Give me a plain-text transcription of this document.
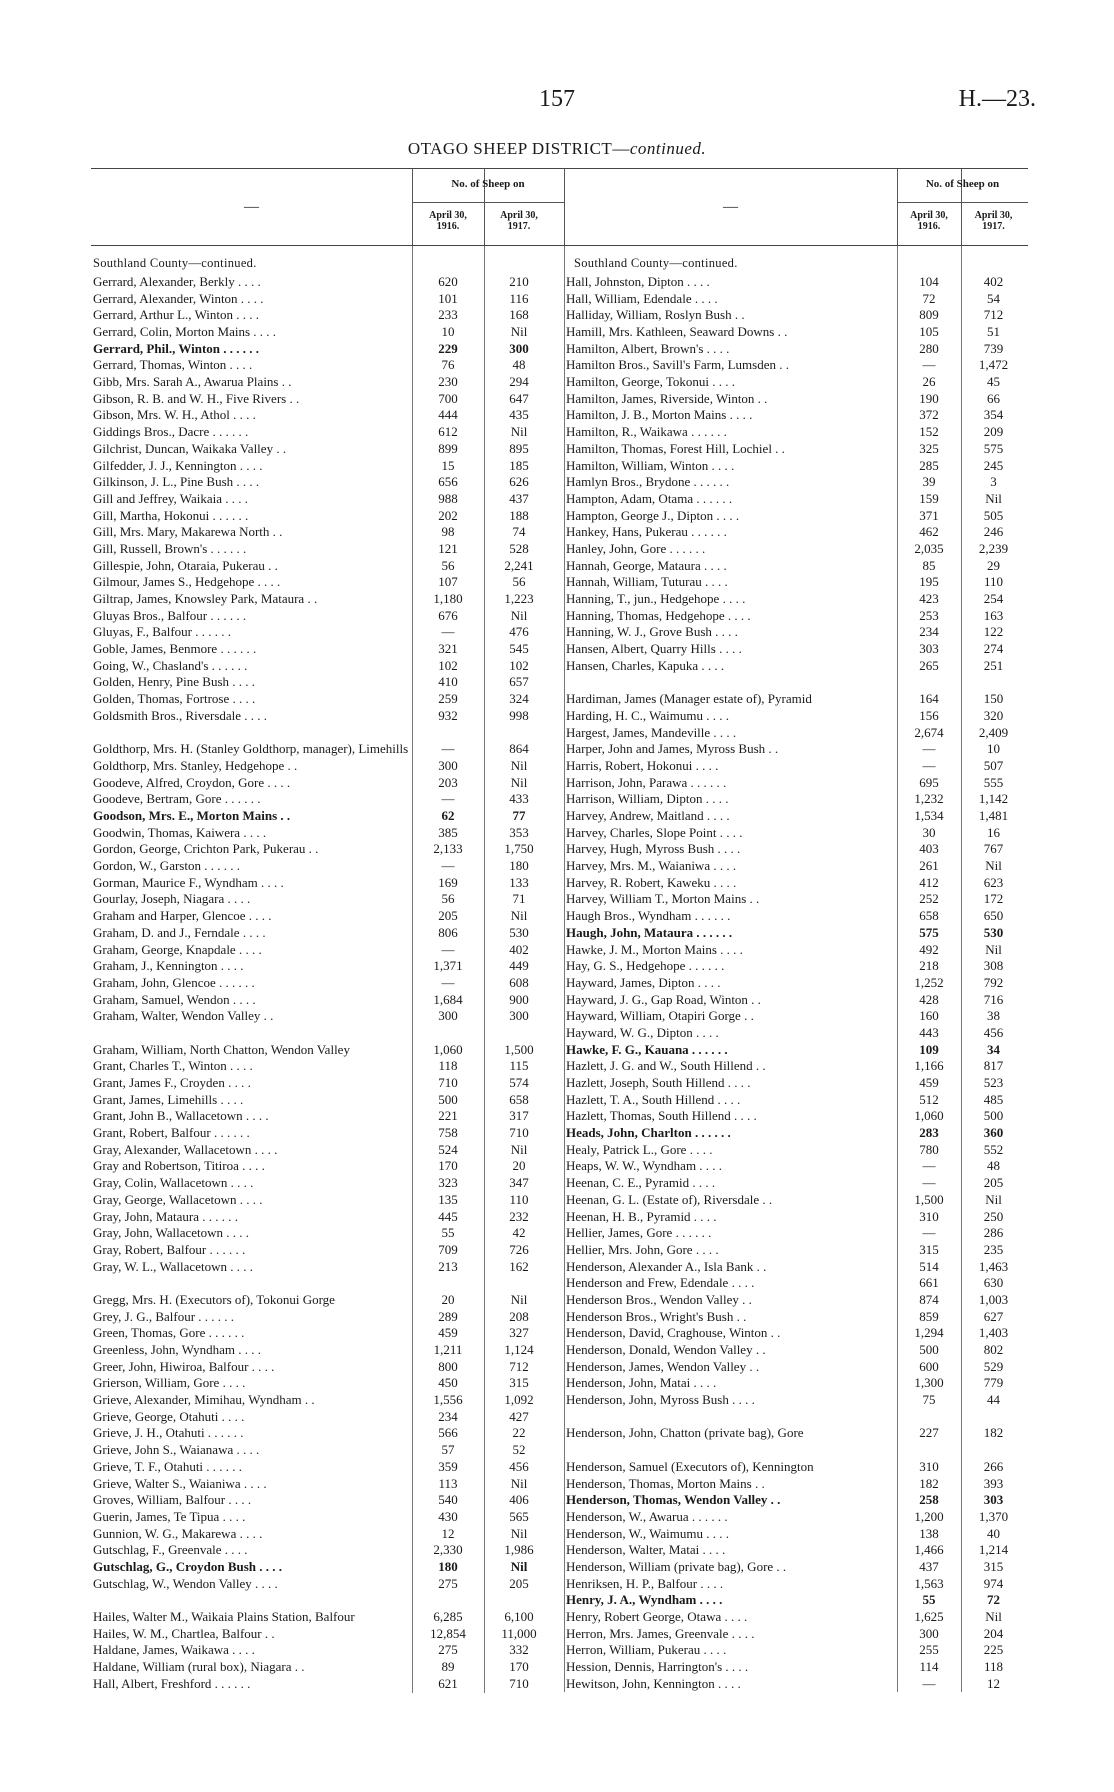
157	H.—23.
OTAGO SHEEP DISTRICT—continued.
—
No. of Sheep on
April 30,
1916.
April 30,
1917.
Southland County—continued.
Gerrard, Alexander, Berkly . . . .	620	210
Gerrard, Alexander, Winton . . . .	101	116
Gerrard, Arthur L., Winton . . . .	233	168
Gerrard, Colin, Morton Mains . . . .	10	Nil
Gerrard, Phil., Winton . . . . . .	229	300
Gerrard, Thomas, Winton . . . .	76	48
Gibb, Mrs. Sarah A., Awarua Plains . .	230	294
Gibson, R. B. and W. H., Five Rivers . .	700	647
Gibson, Mrs. W. H., Athol . . . .	444	435
Giddings Bros., Dacre . . . . . .	612	Nil
Gilchrist, Duncan, Waikaka Valley . .	899	895
Gilfedder, J. J., Kennington . . . .	15	185
Gilkinson, J. L., Pine Bush . . . .	656	626
Gill and Jeffrey, Waikaia . . . .	988	437
Gill, Martha, Hokonui . . . . . .	202	188
Gill, Mrs. Mary, Makarewa North . .	98	74
Gill, Russell, Brown's . . . . . .	121	528
Gillespie, John, Otaraia, Pukerau . .	56	2,241
Gilmour, James S., Hedgehope . . . .	107	56
Giltrap, James, Knowsley Park, Mataura . .	1,180	1,223
Gluyas Bros., Balfour . . . . . .	676	Nil
Gluyas, F., Balfour . . . . . .	—	476
Goble, James, Benmore . . . . . .	321	545
Going, W., Chasland's . . . . . .	102	102
Golden, Henry, Pine Bush . . . .	410	657
Golden, Thomas, Fortrose . . . .	259	324
Goldsmith Bros., Riversdale . . . .	932	998
Goldthorp, Mrs. H. (Stanley Goldthorp, manager), Limehills	—	864
Goldthorp, Mrs. Stanley, Hedgehope . .	300	Nil
Goodeve, Alfred, Croydon, Gore . . . .	203	Nil
Goodeve, Bertram, Gore . . . . . .	—	433
Goodson, Mrs. E., Morton Mains . .	62	77
Goodwin, Thomas, Kaiwera . . . .	385	353
Gordon, George, Crichton Park, Pukerau . .	2,133	1,750
Gordon, W., Garston . . . . . .	—	180
Gorman, Maurice F., Wyndham . . . .	169	133
Gourlay, Joseph, Niagara . . . .	56	71
Graham and Harper, Glencoe . . . .	205	Nil
Graham, D. and J., Ferndale . . . .	806	530
Graham, George, Knapdale . . . .	—	402
Graham, J., Kennington . . . .	1,371	449
Graham, John, Glencoe . . . . . .	—	608
Graham, Samuel, Wendon . . . .	1,684	900
Graham, Walter, Wendon Valley . .	300	300
Graham, William, North Chatton, Wendon Valley	1,060	1,500
Grant, Charles T., Winton . . . .	118	115
Grant, James F., Croyden . . . .	710	574
Grant, James, Limehills . . . .	500	658
Grant, John B., Wallacetown . . . .	221	317
Grant, Robert, Balfour . . . . . .	758	710
Gray, Alexander, Wallacetown . . . .	524	Nil
Gray and Robertson, Titiroa . . . .	170	20
Gray, Colin, Wallacetown . . . .	323	347
Gray, George, Wallacetown . . . .	135	110
Gray, John, Mataura . . . . . .	445	232
Gray, John, Wallacetown . . . .	55	42
Gray, Robert, Balfour . . . . . .	709	726
Gray, W. L., Wallacetown . . . .	213	162
Gregg, Mrs. H. (Executors of), Tokonui Gorge	20	Nil
Grey, J. G., Balfour . . . . . .	289	208
Green, Thomas, Gore . . . . . .	459	327
Greenless, John, Wyndham . . . .	1,211	1,124
Greer, John, Hiwiroa, Balfour . . . .	800	712
Grierson, William, Gore . . . .	450	315
Grieve, Alexander, Mimihau, Wyndham . .	1,556	1,092
Grieve, George, Otahuti . . . .	234	427
Grieve, J. H., Otahuti . . . . . .	566	22
Grieve, John S., Waianawa . . . .	57	52
Grieve, T. F., Otahuti . . . . . .	359	456
Grieve, Walter S., Waianiwa . . . .	113	Nil
Groves, William, Balfour . . . .	540	406
Guerin, James, Te Tipua . . . .	430	565
Gunnion, W. G., Makarewa . . . .	12	Nil
Gutschlag, F., Greenvale . . . .	2,330	1,986
Gutschlag, G., Croydon Bush . . . .	180	Nil
Gutschlag, W., Wendon Valley . . . .	275	205
Hailes, Walter M., Waikaia Plains Station, Balfour	6,285	6,100
Hailes, W. M., Chartlea, Balfour . .	12,854	11,000
Haldane, James, Waikawa . . . .	275	332
Haldane, William (rural box), Niagara . .	89	170
Hall, Albert, Freshford . . . . . .	621	710
—
No. of Sheep on
April 30,
1916.
April 30,
1917.
Southland County—continued.
Hall, Johnston, Dipton . . . .	104	402
Hall, William, Edendale . . . .	72	54
Halliday, William, Roslyn Bush . .	809	712
Hamill, Mrs. Kathleen, Seaward Downs . .	105	51
Hamilton, Albert, Brown's . . . .	280	739
Hamilton Bros., Savill's Farm, Lumsden . .	—	1,472
Hamilton, George, Tokonui . . . .	26	45
Hamilton, James, Riverside, Winton . .	190	66
Hamilton, J. B., Morton Mains . . . .	372	354
Hamilton, R., Waikawa . . . . . .	152	209
Hamilton, Thomas, Forest Hill, Lochiel . .	325	575
Hamilton, William, Winton . . . .	285	245
Hamlyn Bros., Brydone . . . . . .	39	3
Hampton, Adam, Otama . . . . . .	159	Nil
Hampton, George J., Dipton . . . .	371	505
Hankey, Hans, Pukerau . . . . . .	462	246
Hanley, John, Gore . . . . . .	2,035	2,239
Hannah, George, Mataura . . . .	85	29
Hannah, William, Tuturau . . . .	195	110
Hanning, T., jun., Hedgehope . . . .	423	254
Hanning, Thomas, Hedgehope . . . .	253	163
Hanning, W. J., Grove Bush . . . .	234	122
Hansen, Albert, Quarry Hills . . . .	303	274
Hansen, Charles, Kapuka . . . .	265	251
Hardiman, James (Manager estate of), Pyramid	164	150
Harding, H. C., Waimumu . . . .	156	320
Hargest, James, Mandeville . . . .	2,674	2,409
Harper, John and James, Myross Bush . .	—	10
Harris, Robert, Hokonui . . . .	—	507
Harrison, John, Parawa . . . . . .	695	555
Harrison, William, Dipton . . . .	1,232	1,142
Harvey, Andrew, Maitland . . . .	1,534	1,481
Harvey, Charles, Slope Point . . . .	30	16
Harvey, Hugh, Myross Bush . . . .	403	767
Harvey, Mrs. M., Waianiwa . . . .	261	Nil
Harvey, R. Robert, Kaweku . . . .	412	623
Harvey, William T., Morton Mains . .	252	172
Haugh Bros., Wyndham . . . . . .	658	650
Haugh, John, Mataura . . . . . .	575	530
Hawke, J. M., Morton Mains . . . .	492	Nil
Hay, G. S., Hedgehope . . . . . .	218	308
Hayward, James, Dipton . . . .	1,252	792
Hayward, J. G., Gap Road, Winton . .	428	716
Hayward, William, Otapiri Gorge . .	160	38
Hayward, W. G., Dipton . . . .	443	456
Hawke, F. G., Kauana . . . . . .	109	34
Hazlett, J. G. and W., South Hillend . .	1,166	817
Hazlett, Joseph, South Hillend . . . .	459	523
Hazlett, T. A., South Hillend . . . .	512	485
Hazlett, Thomas, South Hillend . . . .	1,060	500
Heads, John, Charlton . . . . . .	283	360
Healy, Patrick L., Gore . . . .	780	552
Heaps, W. W., Wyndham . . . .	—	48
Heenan, C. E., Pyramid . . . .	—	205
Heenan, G. L. (Estate of), Riversdale . .	1,500	Nil
Heenan, H. B., Pyramid . . . .	310	250
Hellier, James, Gore . . . . . .	—	286
Hellier, Mrs. John, Gore . . . .	315	235
Henderson, Alexander A., Isla Bank . .	514	1,463
Henderson and Frew, Edendale . . . .	661	630
Henderson Bros., Wendon Valley . .	874	1,003
Henderson Bros., Wright's Bush . .	859	627
Henderson, David, Craghouse, Winton . .	1,294	1,403
Henderson, Donald, Wendon Valley . .	500	802
Henderson, James, Wendon Valley . .	600	529
Henderson, John, Matai . . . .	1,300	779
Henderson, John, Myross Bush . . . .	75	44
Henderson, John, Chatton (private bag), Gore	227	182
Henderson, Samuel (Executors of), Kennington	310	266
Henderson, Thomas, Morton Mains . .	182	393
Henderson, Thomas, Wendon Valley . .	258	303
Henderson, W., Awarua . . . . . .	1,200	1,370
Henderson, W., Waimumu . . . .	138	40
Henderson, Walter, Matai . . . .	1,466	1,214
Henderson, William (private bag), Gore . .	437	315
Henriksen, H. P., Balfour . . . .	1,563	974
Henry, J. A., Wyndham . . . .	55	72
Henry, Robert George, Otawa . . . .	1,625	Nil
Herron, Mrs. James, Greenvale . . . .	300	204
Herron, William, Pukerau . . . .	255	225
Hession, Dennis, Harrington's . . . .	114	118
Hewitson, John, Kennington . . . .	—	12
